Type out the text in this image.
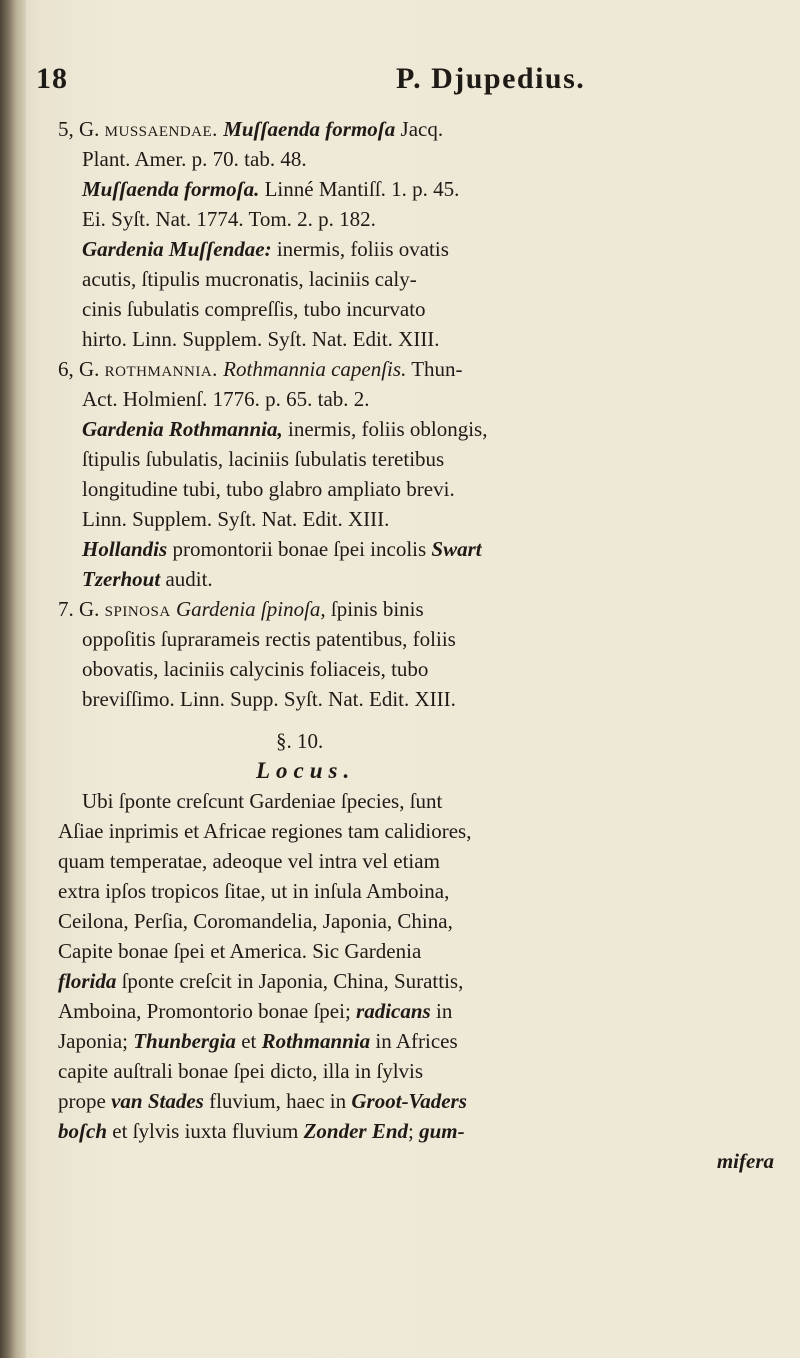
18	P. Djupedius.
5, G. mussaendae. Muſſaenda formoſa Jacq.
Plant. Amer. p. 70. tab. 48.
Muſſaenda formoſa. Linné Mantiſſ. 1. p. 45.
Ei. Syſt. Nat. 1774. Tom. 2. p. 182.
Gardenia Muſſendae: inermis, foliis ovatis
acutis, ſtipulis mucronatis, laciniis caly-
cinis ſubulatis compreſſis, tubo incurvato
hirto. Linn. Supplem. Syſt. Nat. Edit. XIII.
6, G. rothmannia. Rothmannia capenſis. Thun-
Act. Holmienſ. 1776. p. 65. tab. 2.
Gardenia Rothmannia, inermis, foliis oblongis,
ſtipulis ſubulatis, laciniis ſubulatis teretibus
longitudine tubi, tubo glabro ampliato brevi.
Linn. Supplem. Syſt. Nat. Edit. XIII.
Hollandis promontorii bonae ſpei incolis Swart
Tzerhout audit.
7. G. spinosa Gardenia ſpinoſa, ſpinis binis
oppoſitis ſuprarameis rectis patentibus, foliis
obovatis, laciniis calycinis foliaceis, tubo
breviſſimo. Linn. Supp. Syſt. Nat. Edit. XIII.
§. 10.
Locus.
Ubi ſponte creſcunt Gardeniae ſpecies, ſunt
Aſiae inprimis et Africae regiones tam calidiores,
quam temperatae, adeoque vel intra vel etiam
extra ipſos tropicos ſitae, ut in inſula Amboina,
Ceilona, Perſia, Coromandelia, Japonia, China,
Capite bonae ſpei et America. Sic Gardenia
florida ſponte creſcit in Japonia, China, Surattis,
Amboina, Promontorio bonae ſpei; radicans in
Japonia; Thunbergia et Rothmannia in Africes
capite auſtrali bonae ſpei dicto, illa in ſylvis
prope van Stades fluvium, haec in Groot-Vaders
boſch et ſylvis iuxta fluvium Zonder End; gum-
mifera
